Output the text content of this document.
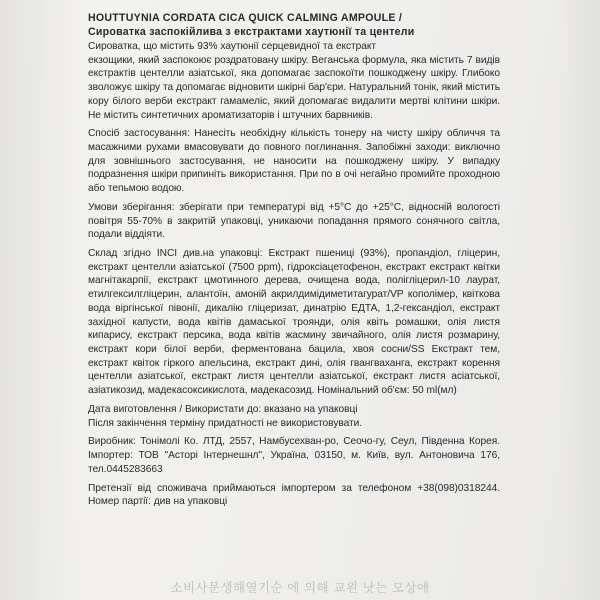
HOUTTUYNIA CORDATA CICA QUICK CALMING AMPOULE /
Сироватка заспокійлива з екстрактами хаутюнії та центели

Сироватка, що містить 93% хаутюнії серцевидної та екстракт

екзощики, який заспокоює роздратовану шкіру. Веганська формула, яка містить 7 видів екстрактів центелли азіатської, яка допомагає заспокоїти пошкоджену шкіру. Глибоко зволожує шкіру та допомагає відновити шкірні бар'єри. Натуральний тонік, який містить кору білого верби екстракт гамамеліс, який допомагає видалити мертві клітини шкіри. Не містить синтетичних ароматизаторів і штучних барвників.

Спосіб застосування: Нанесіть необхідну кількість тонеру на чисту шкіру обличчя та масажними рухами вмасовувати до повного поглинання. Запобіжні заходи: виключно для зовнішнього застосування, не наносити на пошкоджену шкіру. У випадку подразнення шкіри припиніть використання. При по в очі негайно промийте проходною або тепьмою водою.

Умови зберігання: зберігати при температурі від +5°С до +25°С, відносній вологості повітря 55-70% в закритій упаковці, уникаючи попадання прямого сонячного світла, подали віддіяти.

Склад згідно INCI див.на упаковці: Екстракт пшениці (93%), пропандіол, гліцерин, екстракт центелли азіатської (7500 ppm), гідроксіацетофенон, екстракт екстракт квітки магнітакарпії, екстракт цмотинного дерева, очищена вода, полігліцерил-10 лаурат, етилгексилгліцерин, алантоїн, амоній акрилдимідиметитагурат/VP кополімер, квіткова вода віргінської півонії, дикалію гліцеризат, динатрію ЕДТА, 1,2-гександіол, екстракт західної капусти, вода квітів дамаської троянди, олія квіть ромашки, олія листя кипарису, екстракт персика, вода квітів жасмину звичайного, олія листя розмарину, екстракт кори білої верби, ферментована бацила, хвоя сосни/SS Екстракт тем, екстракт квіток гіркого апельсина, екстракт дині, олія гвангваханга, екстракт корення центелли азіатської, екстракт листя центелли азіатської, екстракт листя асіатської, азіатикозид, мадекасоксикислота, мадекасозид. Номінальний об'єм: 50 ml(мл)

Дата виготовлення / Використати до: вказано на упаковці

Після закінчення терміну придатності не використовувати.

Виробник: Тонімолі Ко. ЛТД, 2557, Намбусехван-ро, Сеочо-гу, Сеул, Південна Корея. Імпортер: ТОВ "Асторі Інтернешнл", Україна, 03150, м. Київ, вул. Антоновича 176, тел.0445283663

Претензії від споживача приймаються імпортером за телефоном +38(098)0318244. Номер партії: див на упаковці

소비사문생해열기순 에 의해 교왼 낫는 모상애
